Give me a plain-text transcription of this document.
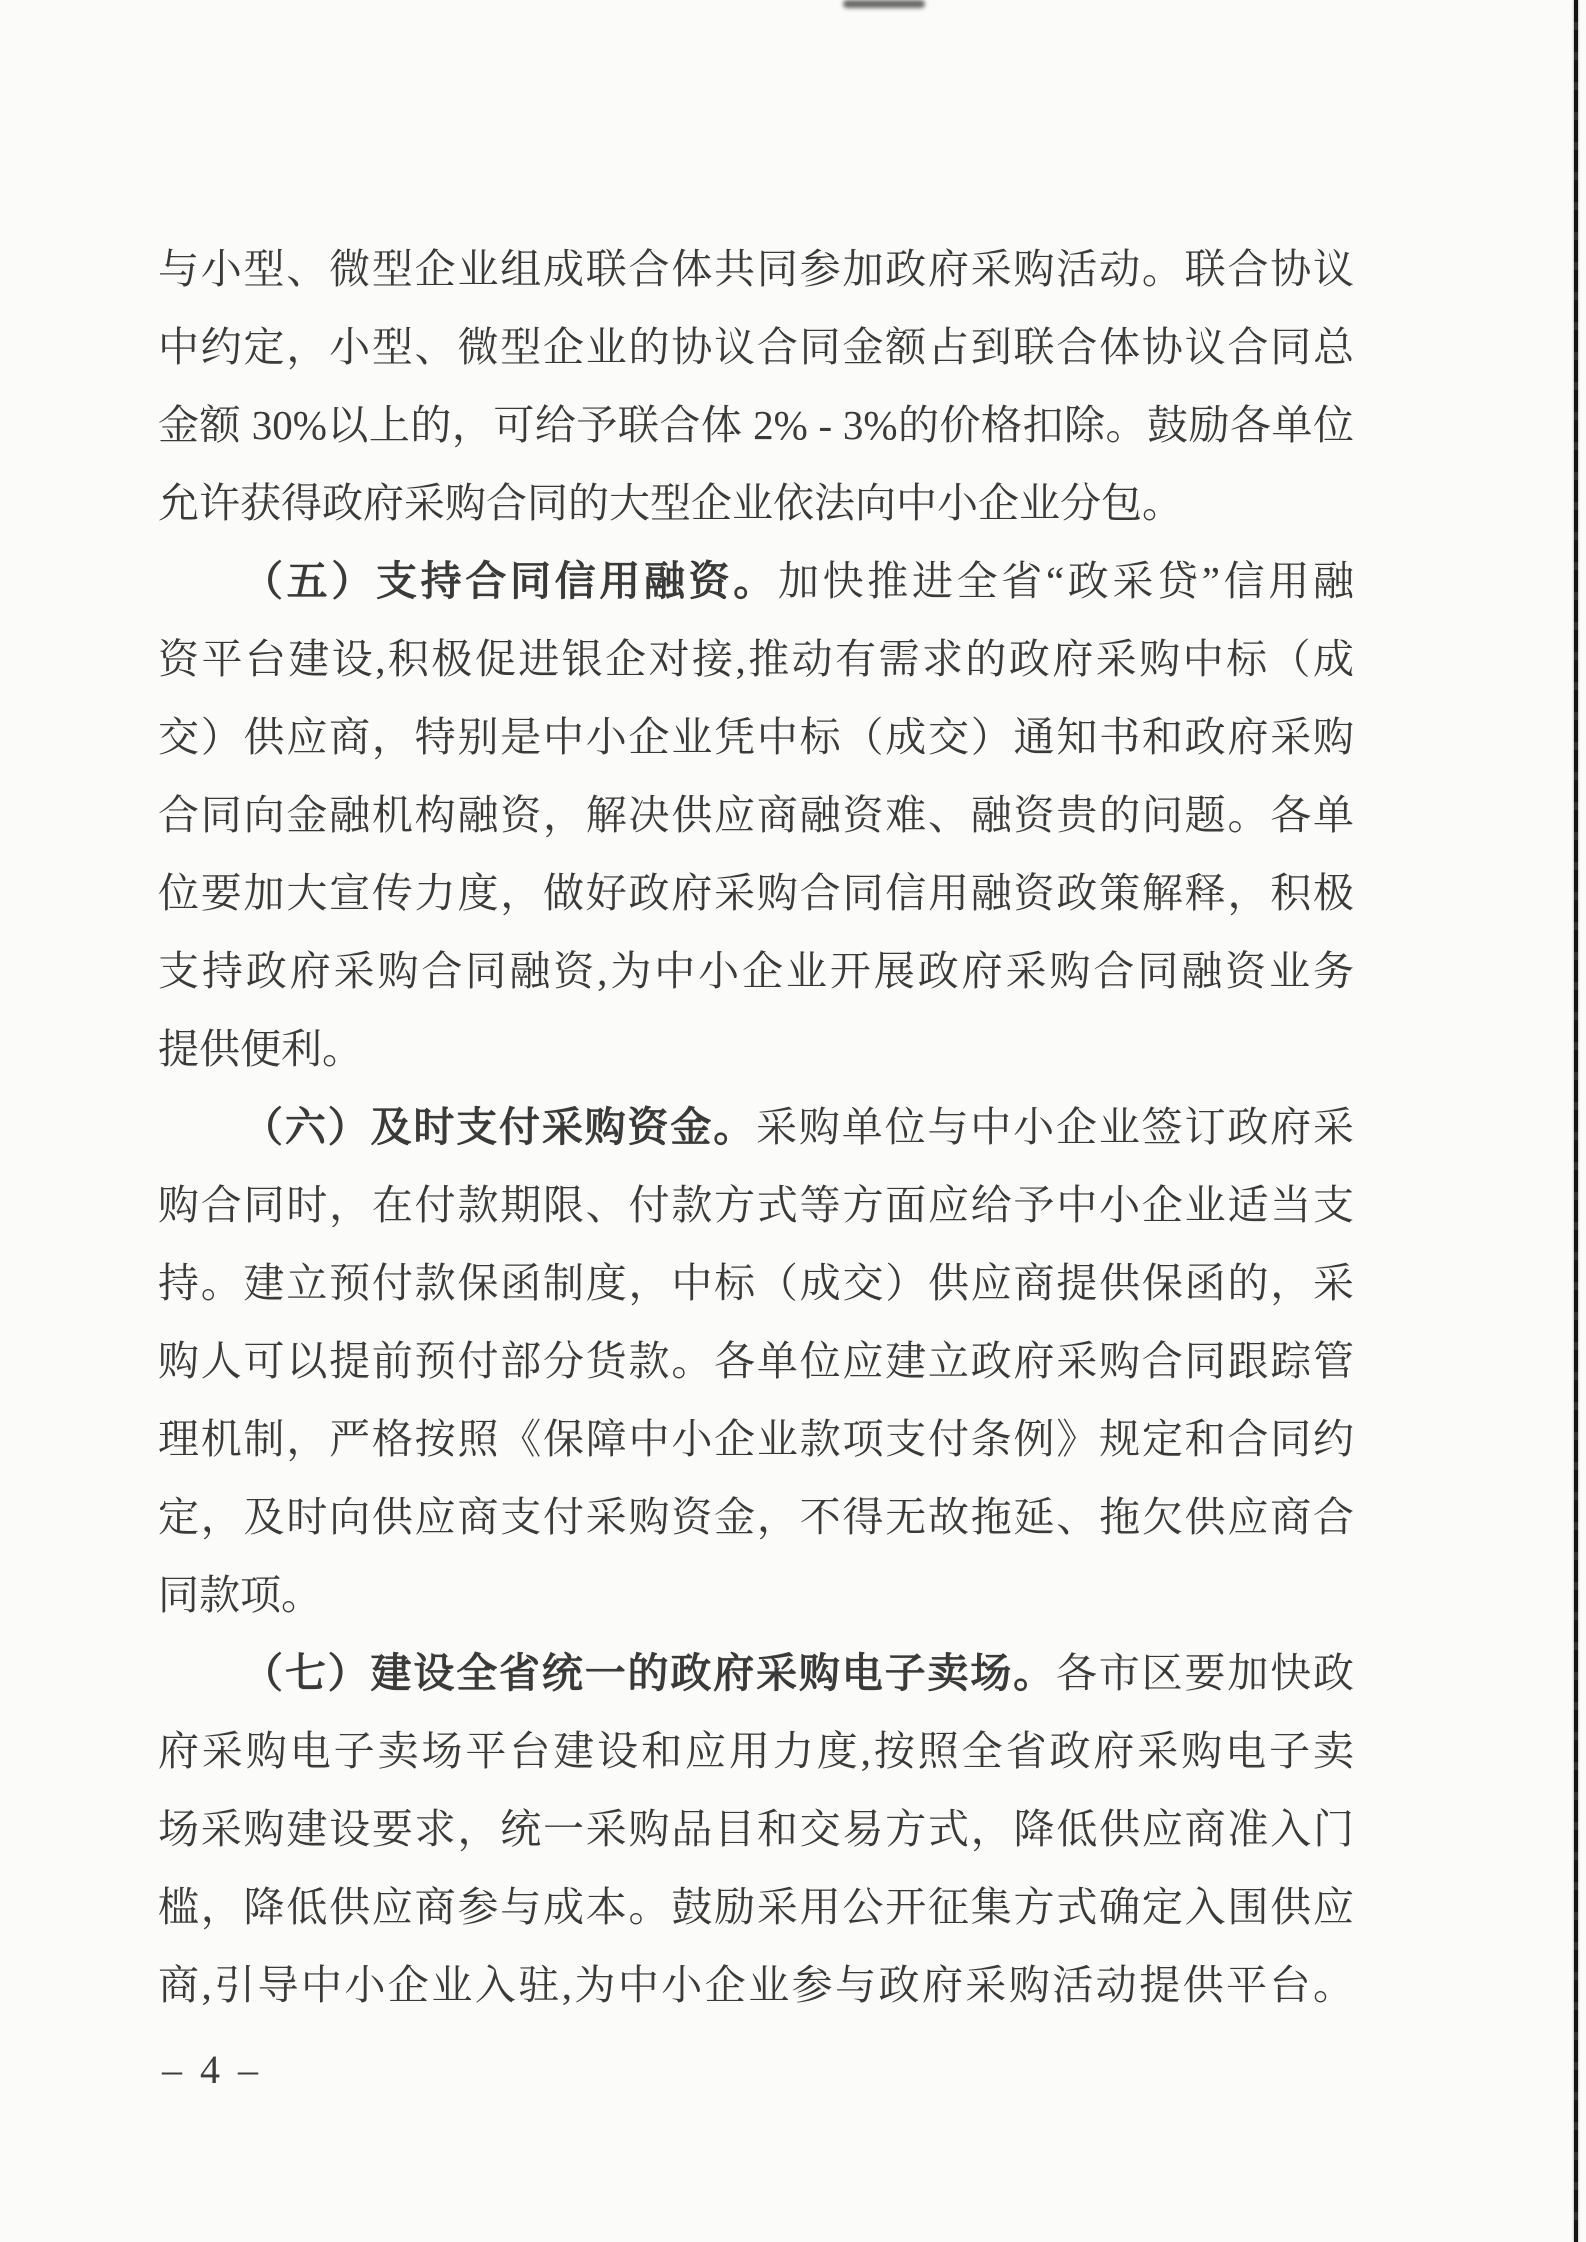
与小型、微型企业组成联合体共同参加政府采购活动。联合协议
中约定，小型、微型企业的协议合同金额占到联合体协议合同总
金额 30%以上的，可给予联合体 2% - 3%的价格扣除。鼓励各单位
允许获得政府采购合同的大型企业依法向中小企业分包。
（五）支持合同信用融资。加快推进全省“政采贷”信用融
资平台建设,积极促进银企对接,推动有需求的政府采购中标（成
交）供应商，特别是中小企业凭中标（成交）通知书和政府采购
合同向金融机构融资，解决供应商融资难、融资贵的问题。各单
位要加大宣传力度，做好政府采购合同信用融资政策解释，积极
支持政府采购合同融资,为中小企业开展政府采购合同融资业务
提供便利。
（六）及时支付采购资金。采购单位与中小企业签订政府采
购合同时，在付款期限、付款方式等方面应给予中小企业适当支
持。建立预付款保函制度，中标（成交）供应商提供保函的，采
购人可以提前预付部分货款。各单位应建立政府采购合同跟踪管
理机制，严格按照《保障中小企业款项支付条例》规定和合同约
定，及时向供应商支付采购资金，不得无故拖延、拖欠供应商合
同款项。
（七）建设全省统一的政府采购电子卖场。各市区要加快政
府采购电子卖场平台建设和应用力度,按照全省政府采购电子卖
场采购建设要求，统一采购品目和交易方式，降低供应商准入门
槛，降低供应商参与成本。鼓励采用公开征集方式确定入围供应
商,引导中小企业入驻,为中小企业参与政府采购活动提供平台。
– 4 –
